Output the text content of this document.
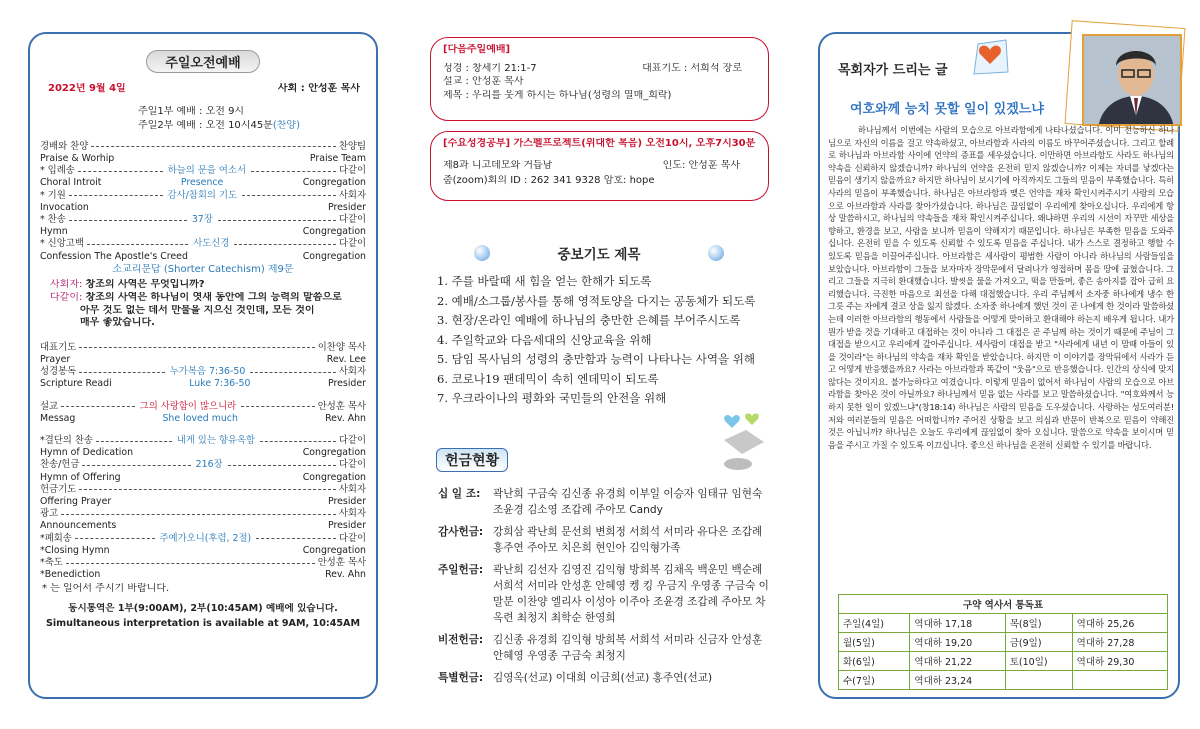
주일오전예배
2022년 9월 4일	사회 : 안성훈 목사
주일1부 예배 : 오전 9시
주일2부 예배 : 오전 10시45분(찬양)
경배와 찬양	찬양팀
Praise & Worhip	Praise Team
* 입례송	하늘의 문을 여소서	다같이
Choral Introit	Presence	Congregation
* 기원	감사/참회의 기도	사회자
Invocation	Presider
* 찬송	37장	다같이
Hymn	Congregation
* 신앙고백	사도신경	다같이
Confession The Apostle's Creed	Congregation
소교리문답 (Shorter Catechism) 제9문
사회자: 창조의 사역은 무엇입니까?
다같이: 창조의 사역은 하나님이 엿새 동안에 그의 능력의 말씀으로
아무 것도 없는 데서 만물을 지으신 것인데, 모든 것이
매우 좋았습니다.
대표기도	이찬양 목사
Prayer	Rev. Lee
성경봉독	누가복음 7:36-50	사회자
Scripture Readi	Luke 7:36-50	Presider
설교	그의 사랑함이 많으니라	안성훈 목사
Messag	She loved much	Rev. Ahn
*결단의 찬송	내게 있는 향유옥합	다같이
Hymn of Dedication	Congregation
찬송/헌금	216장	다같이
Hymn of Offering	Congregation
헌금기도	사회자
Offering Prayer	Presider
광고	사회자
Announcements	Presider
*폐회송	주예가오니(후렴, 2절)	다같이
*Closing Hymn	Congregation
*축도	안성훈 목사
*Benediction	Rev. Ahn
* 는 일어서 주시기 바랍니다.
동시통역은 1부(9:00AM), 2부(10:45AM) 예배에 있습니다.
Simultaneous interpretation is available at 9AM, 10:45AM
[다음주일예배]
성경 : 창세기 21:1-7	대표기도 : 서희석 장로
설교 : 안성훈 목사
제목 : 우리를 웃게 하시는 하나님(성령의 열매_희락)
[수요성경공부] 가스펠프로젝트(위대한 복음) 오전10시, 오후7시30분
제8과 니고데모와 거듭남	인도: 안성훈 목사
줌(zoom)회의 ID : 262 341 9328 암호: hope
중보기도 제목
1. 주를 바랄때 새 힘을 얻는 한해가 되도록
2. 예배/소그룹/봉사를 통해 영적토양을 다지는 공동체가 되도록
3. 현장/온라인 예배에 하나님의 충만한 은혜를 부어주시도록
4. 주일학교와 다음세대의 신앙교육을 위해
5. 담임 목사님의 성령의 충만함과 능력이 나타나는 사역을 위해
6. 코로나19 팬데믹이 속히 엔데믹이 되도록
7. 우크라이나의 평화와 국민들의 안전을 위해
헌금현황
십 일 조:	곽난희 구금숙 김신종 유경희 이부일 이승자 임태규 임현숙 조윤경 김소영 조갑례 주아모 Candy
감사헌금: 강희삼 곽난희 문선희 변희정 서희석 서미라 유다은 조갑례 홍주연 주아모 치은희 현인아 김익형가족
주일헌금: 곽난희 김선자 김영진 김익형 방희복 김채옥 백운민 백순례 서희석 서미라 안성훈 안혜영 켕 킹 우금지 우영종 구금숙 이말분 이찬양 엘리사 이성아 이주아 조윤경 조갑례 주아모 차옥련 최청지 최학순 한영희
비전헌금: 김신종 유경희 김익형 방희복 서희석 서미라 신금자 안성훈 안혜영 우영종 구금숙 최청지
특별헌금: 김영옥(선교) 이대희 이금희(선교) 홍주연(선교)
목회자가 드리는 글
여호와께 능치 못할 일이 있겠느냐
하나님께서 이번에는 사람의 모습으로 아브라함에게 나타나셨습니다. 이미 전능하신 하나님으로 자신의 이름을 걸고 약속하셨고, 아브라함과 사라의 이름도 바꾸어주셨습니다. 그리고 할례로 하나님과 아브라함 사이에 언약의 증표를 세우셨습니다. 이만하면 아브라함도 사라도 하나님의 약속을 신뢰하지 않겠습니까? 하나님의 언약을 온전히 믿지 않겠습니까? 이제는 자녀를 낳겠다는 믿음이 생기지 않을까요? 하지만 하나님이 보시기에 아직까지도 그들의 믿음이 부족했습니다. 특히 사라의 믿음이 부족했습니다. 하나님은 아브라함과 맺은 언약을 재차 확인시켜주시기 사랑의 모습으로 아브라함과 사라를 찾아가셨습니다. 하나님은 끊임없이 우리에게 찾아오십니다. 우리에게 항상 말씀하시고, 하나님의 약속들을 재차 확인시켜주십니다. 왜냐하면 우리의 시선이 자꾸만 세상을 향하고, 환경을 보고, 사람을 보니까 믿음이 약해지기 때문입니다. 하나님은 부족한 믿음을 도와주십니다. 온전히 믿을 수 있도록 신뢰할 수 있도록 믿음을 주십니다. 내가 스스로 결정하고 행할 수 있도록 믿음을 이끌어주십니다. 아브라함은 세사람이 평범한 사람이 아니라 하나님의 사람들임을 보았습니다. 아브라함이 그들을 보자마자 장막문에서 달려나가 영접하며 몸을 땅에 굽혔습니다. 그리고 그들을 지극히 환대했습니다. 발씻을 물을 가져오고, 떡을 만들며, 좋은 송아지를 잡아 급히 요리했습니다. 극진한 마음으로 최선을 다해 대접했습니다. 우리 주님께서 소자중 하나에게 냉수 한 그릇 주는 자에게 결코 상을 잃지 않겠다. 소자중 하나에게 했던 것이 곧 나에게 한 것이라 말씀하셨는데 이러한 아브라함의 행동에서 사람들을 어떻게 맞이하고 환대해야 하는지 배우게 됩니다. 내가 뭔가 받을 것을 기대하고 대접하는 것이 아니라 그 대접은 곧 주님께 하는 것이기 때문에 주님이 그 대접을 받으시고 우리에게 갚아주십니다. 세사람이 대접을 받고 "사라에게 내년 이 맘때 아들이 있을 것이라"는 하나님의 약속을 재차 확인을 받았습니다. 하지만 이 이야기를 장막뒤에서 사라가 듣고 어떻게 반응했을까요? 사라는 아브라함과 똑같이 "웃음"으로 반응했습니다. 인간의 상식에 맞지 않다는 것이지요. 불가능하다고 여겼습니다. 이렇게 믿음이 없어서 하나님이 사람의 모습으로 아브라함을 찾아온 것이 아닐까요? 하나님께서 믿음 없는 사라를 보고 말씀하셨습니다. "여호와께서 능하지 못한 일이 있겠느냐"(창18:14) 하나님은 사람의 믿음을 도우셨습니다. 사랑하는 성도여러분! 저와 여러분들의 믿음은 어떠합니까? 주어진 상황을 보고 의심과 반문이 반복으로 믿음이 약해진 것은 아닙니까? 하나님은 오늘도 우리에게 끊임없이 찾아 오십니다. 말씀으로 약속을 보이시며 믿음을 주시고 가질 수 있도록 이끄십니다. 좋으신 하나님을 온전히 신뢰할 수 있기를 바랍니다.
구약 역사서 통독표			
주일(4일)	역대하 17,18	목(8일)	역대하 25,26
월(5일)	역대하 19,20	금(9일)	역대하 27,28
화(6일)	역대하 21,22	토(10일)	역대하 29,30
수(7일)	역대하 23,24		
